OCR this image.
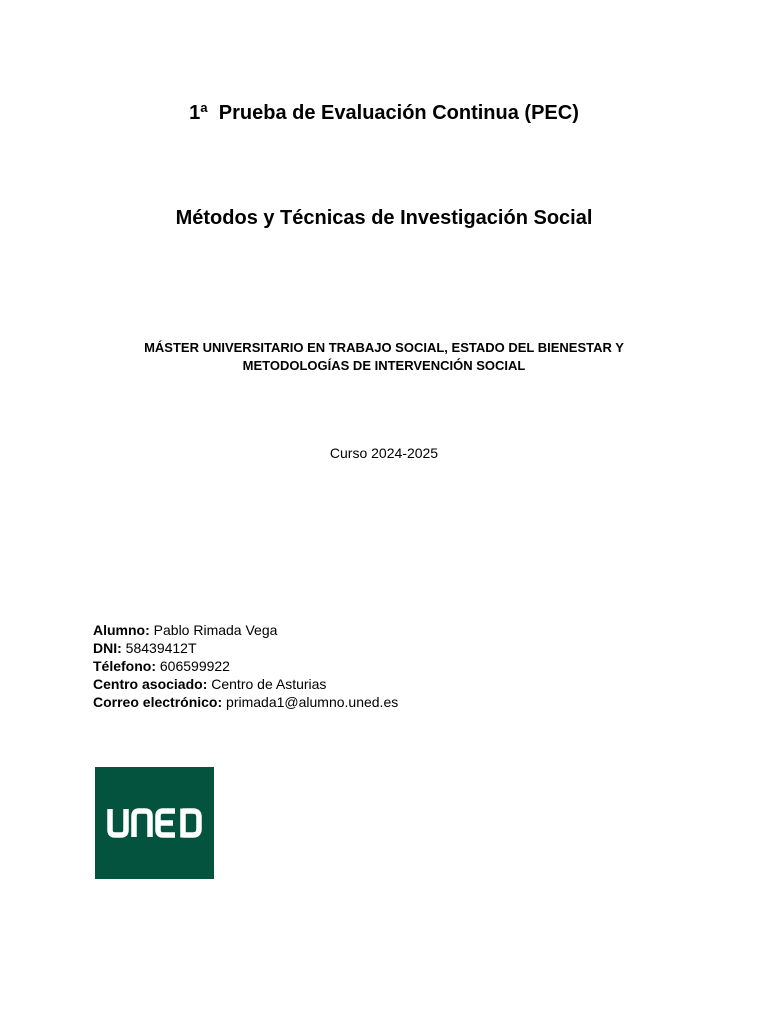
1ª Prueba de Evaluación Continua (PEC)
Métodos y Técnicas de Investigación Social
MÁSTER UNIVERSITARIO EN TRABAJO SOCIAL, ESTADO DEL BIENESTAR Y
METODOLOGÍAS DE INTERVENCIÓN SOCIAL

Curso 2024-2025

Alumno: Pablo Rimada Vega
DNI: 58439412T
Télefono: 606599922
Centro asociado: Centro de Asturias
Correo electrónico: primada1@alumno.uned.es
